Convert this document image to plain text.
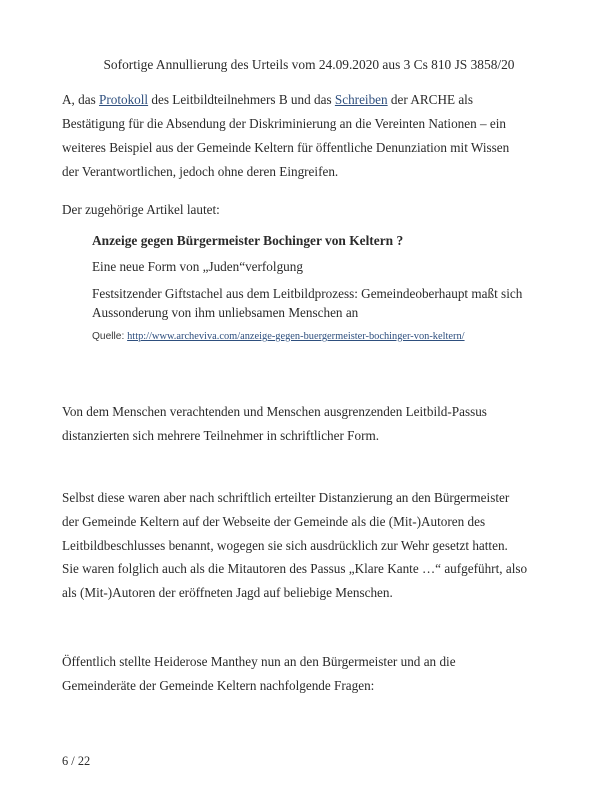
Sofortige Annullierung des Urteils vom 24.09.2020 aus 3 Cs 810 JS 3858/20
A, das Protokoll des Leitbildteilnehmers B und das Schreiben der ARCHE als
Bestätigung für die Absendung der Diskriminierung an die Vereinten Nationen – ein
weiteres Beispiel aus der Gemeinde Keltern für öffentliche Denunziation mit Wissen
der Verantwortlichen, jedoch ohne deren Eingreifen.
Der zugehörige Artikel lautet:
Anzeige gegen Bürgermeister Bochinger von Keltern ?
Eine neue Form von „Juden“verfolgung
Festsitzender Giftstachel aus dem Leitbildprozess: Gemeindeoberhaupt maßt sich
Aussonderung von ihm unliebsamen Menschen an
Quelle: http://www.archeviva.com/anzeige-gegen-buergermeister-bochinger-von-keltern/
Von dem Menschen verachtenden und Menschen ausgrenzenden Leitbild-Passus
distanzierten sich mehrere Teilnehmer in schriftlicher Form.
Selbst diese waren aber nach schriftlich erteilter Distanzierung an den Bürgermeister
der Gemeinde Keltern auf der Webseite der Gemeinde als die (Mit-)Autoren des
Leitbildbeschlusses benannt, wogegen sie sich ausdrücklich zur Wehr gesetzt hatten.
Sie waren folglich auch als die Mitautoren des Passus „Klare Kante …“ aufgeführt, also
als (Mit-)Autoren der eröffneten Jagd auf beliebige Menschen.
Öffentlich stellte Heiderose Manthey nun an den Bürgermeister und an die
Gemeinderäte der Gemeinde Keltern nachfolgende Fragen:
6 / 22
